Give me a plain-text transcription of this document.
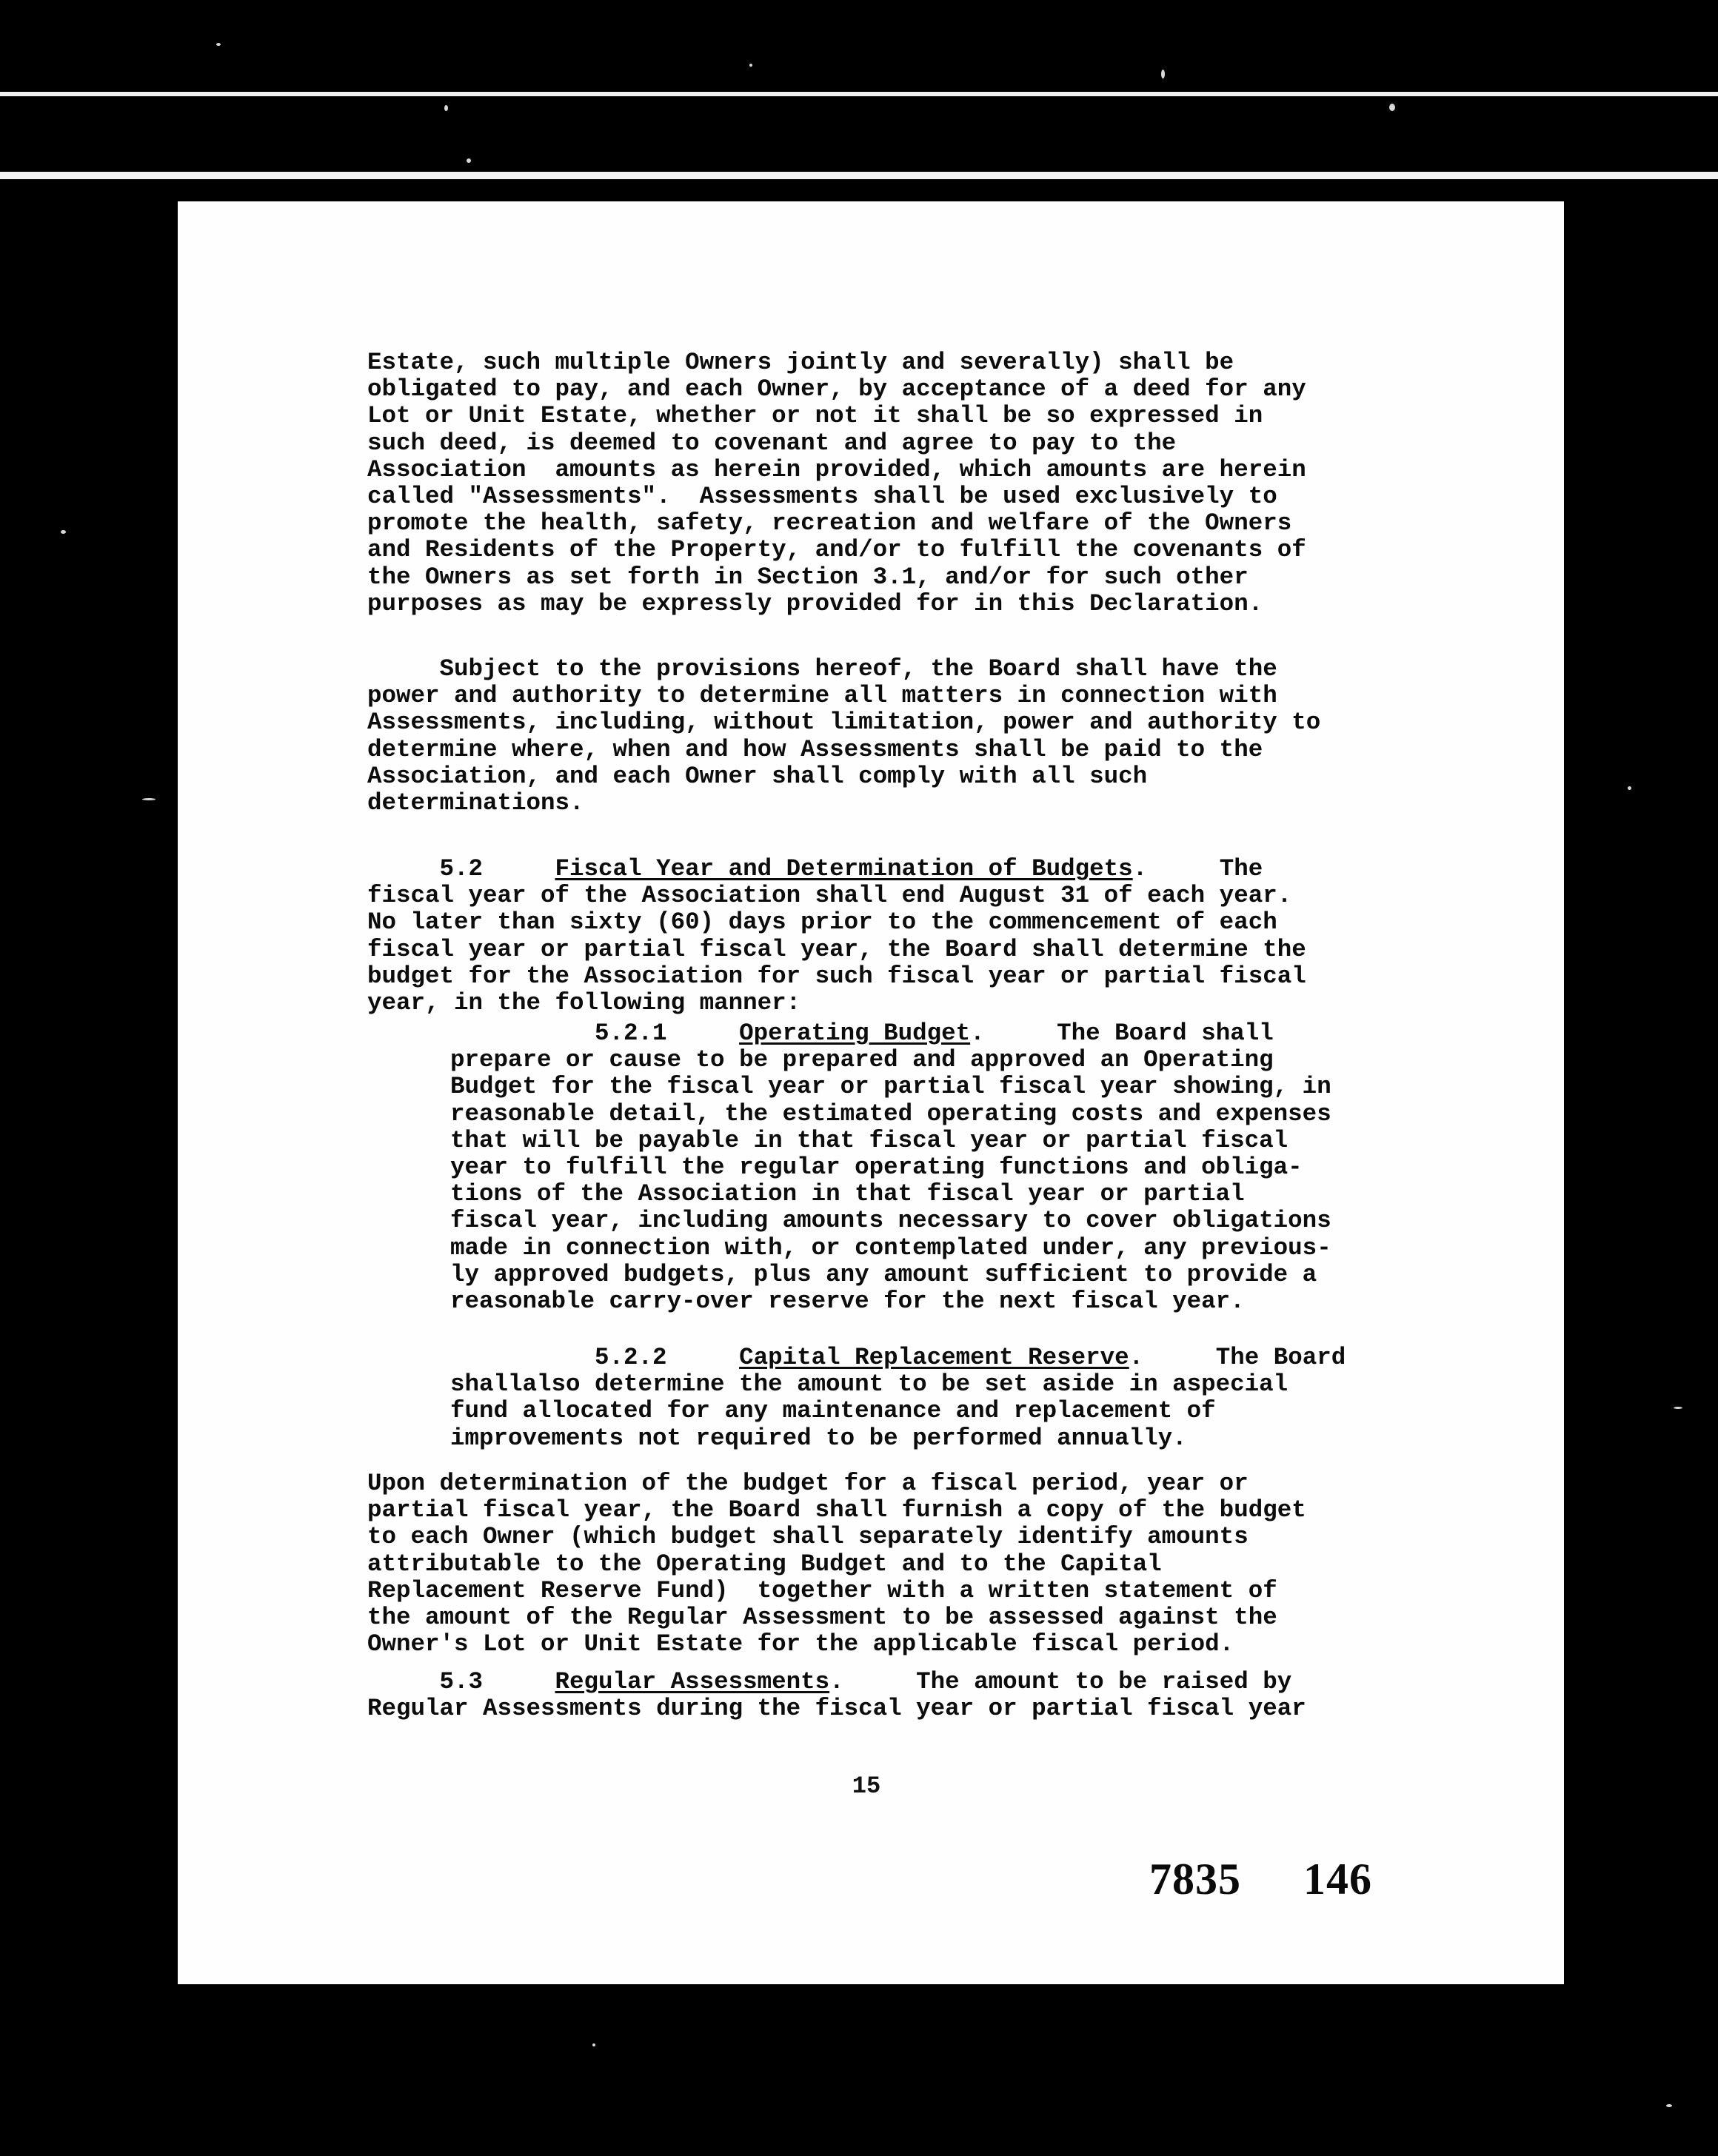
Estate, such multiple Owners jointly and severally) shall be
obligated to pay, and each Owner, by acceptance of a deed for any
Lot or Unit Estate, whether or not it shall be so expressed in
such deed, is deemed to covenant and agree to pay to the
Association  amounts as herein provided, which amounts are herein
called "Assessments".  Assessments shall be used exclusively to
promote the health, safety, recreation and welfare of the Owners
and Residents of the Property, and/or to fulfill the covenants of
the Owners as set forth in Section 3.1, and/or for such other
purposes as may be expressly provided for in this Declaration.

Subject to the provisions hereof, the Board shall have the
power and authority to determine all matters in connection with
Assessments, including, without limitation, power and authority to
determine where, when and how Assessments shall be paid to the
Association, and each Owner shall comply with all such
determinations.

5.2     Fiscal Year and Determination of Budgets.     The
fiscal year of the Association shall end August 31 of each year.
No later than sixty (60) days prior to the commencement of each
fiscal year or partial fiscal year, the Board shall determine the
budget for the Association for such fiscal year or partial fiscal
year, in the following manner:
5.2.1     Operating Budget.     The Board shall
prepare or cause to be prepared and approved an Operating
Budget for the fiscal year or partial fiscal year showing, in
reasonable detail, the estimated operating costs and expenses
that will be payable in that fiscal year or partial fiscal
year to fulfill the regular operating functions and obliga-
tions of the Association in that fiscal year or partial
fiscal year, including amounts necessary to cover obligations
made in connection with, or contemplated under, any previous-
ly approved budgets, plus any amount sufficient to provide a
reasonable carry-over reserve for the next fiscal year.
5.2.2     Capital Replacement Reserve.     The Board
shallalso determine the amount to be set aside in aspecial
fund allocated for any maintenance and replacement of
improvements not required to be performed annually.

Upon determination of the budget for a fiscal period, year or
partial fiscal year, the Board shall furnish a copy of the budget
to each Owner (which budget shall separately identify amounts
attributable to the Operating Budget and to the Capital
Replacement Reserve Fund)  together with a written statement of
the amount of the Regular Assessment to be assessed against the
Owner's Lot or Unit Estate for the applicable fiscal period.

5.3     Regular Assessments.     The amount to be raised by
Regular Assessments during the fiscal year or partial fiscal year

15

7835 146
